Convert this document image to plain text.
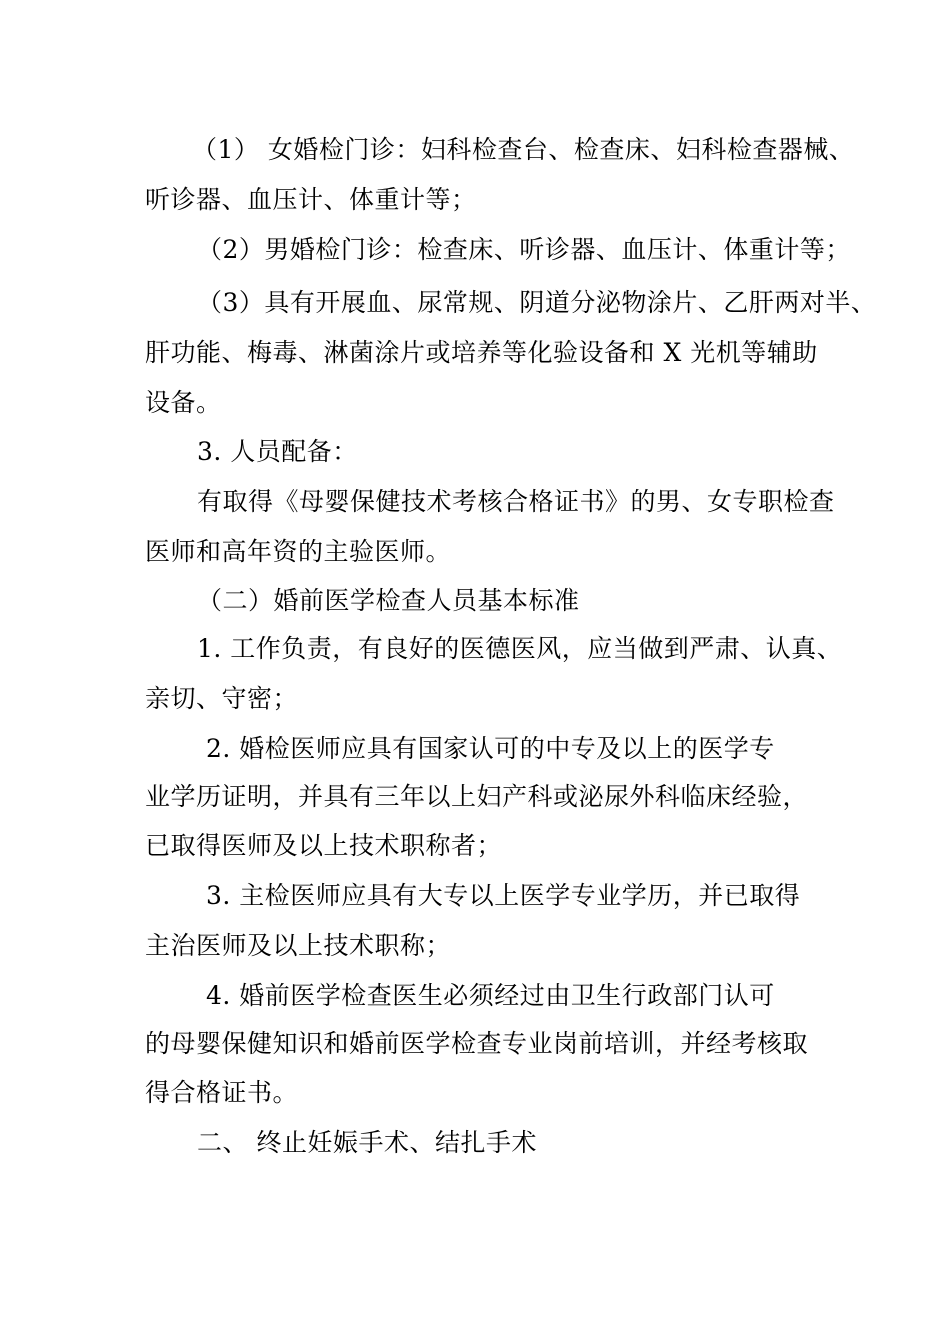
（1） 女婚检门诊：妇科检查台、检查床、妇科检查器械、
听诊器、血压计、体重计等；
（2）男婚检门诊：检查床、听诊器、血压计、体重计等；
（3）具有开展血、尿常规、阴道分泌物涂片、乙肝两对半、
肝功能、梅毒、淋菌涂片或培养等化验设备和 X 光机等辅助
设备。
3. 人员配备：
有取得《母婴保健技术考核合格证书》的男、女专职检查
医师和高年资的主验医师。
（二）婚前医学检查人员基本标准
1. 工作负责，有良好的医德医风，应当做到严肃、认真、
亲切、守密；
2. 婚检医师应具有国家认可的中专及以上的医学专
业学历证明，并具有三年以上妇产科或泌尿外科临床经验，
已取得医师及以上技术职称者；
3. 主检医师应具有大专以上医学专业学历，并已取得
主治医师及以上技术职称；
4. 婚前医学检查医生必须经过由卫生行政部门认可
的母婴保健知识和婚前医学检查专业岗前培训，并经考核取
得合格证书。
二、 终止妊娠手术、结扎手术
